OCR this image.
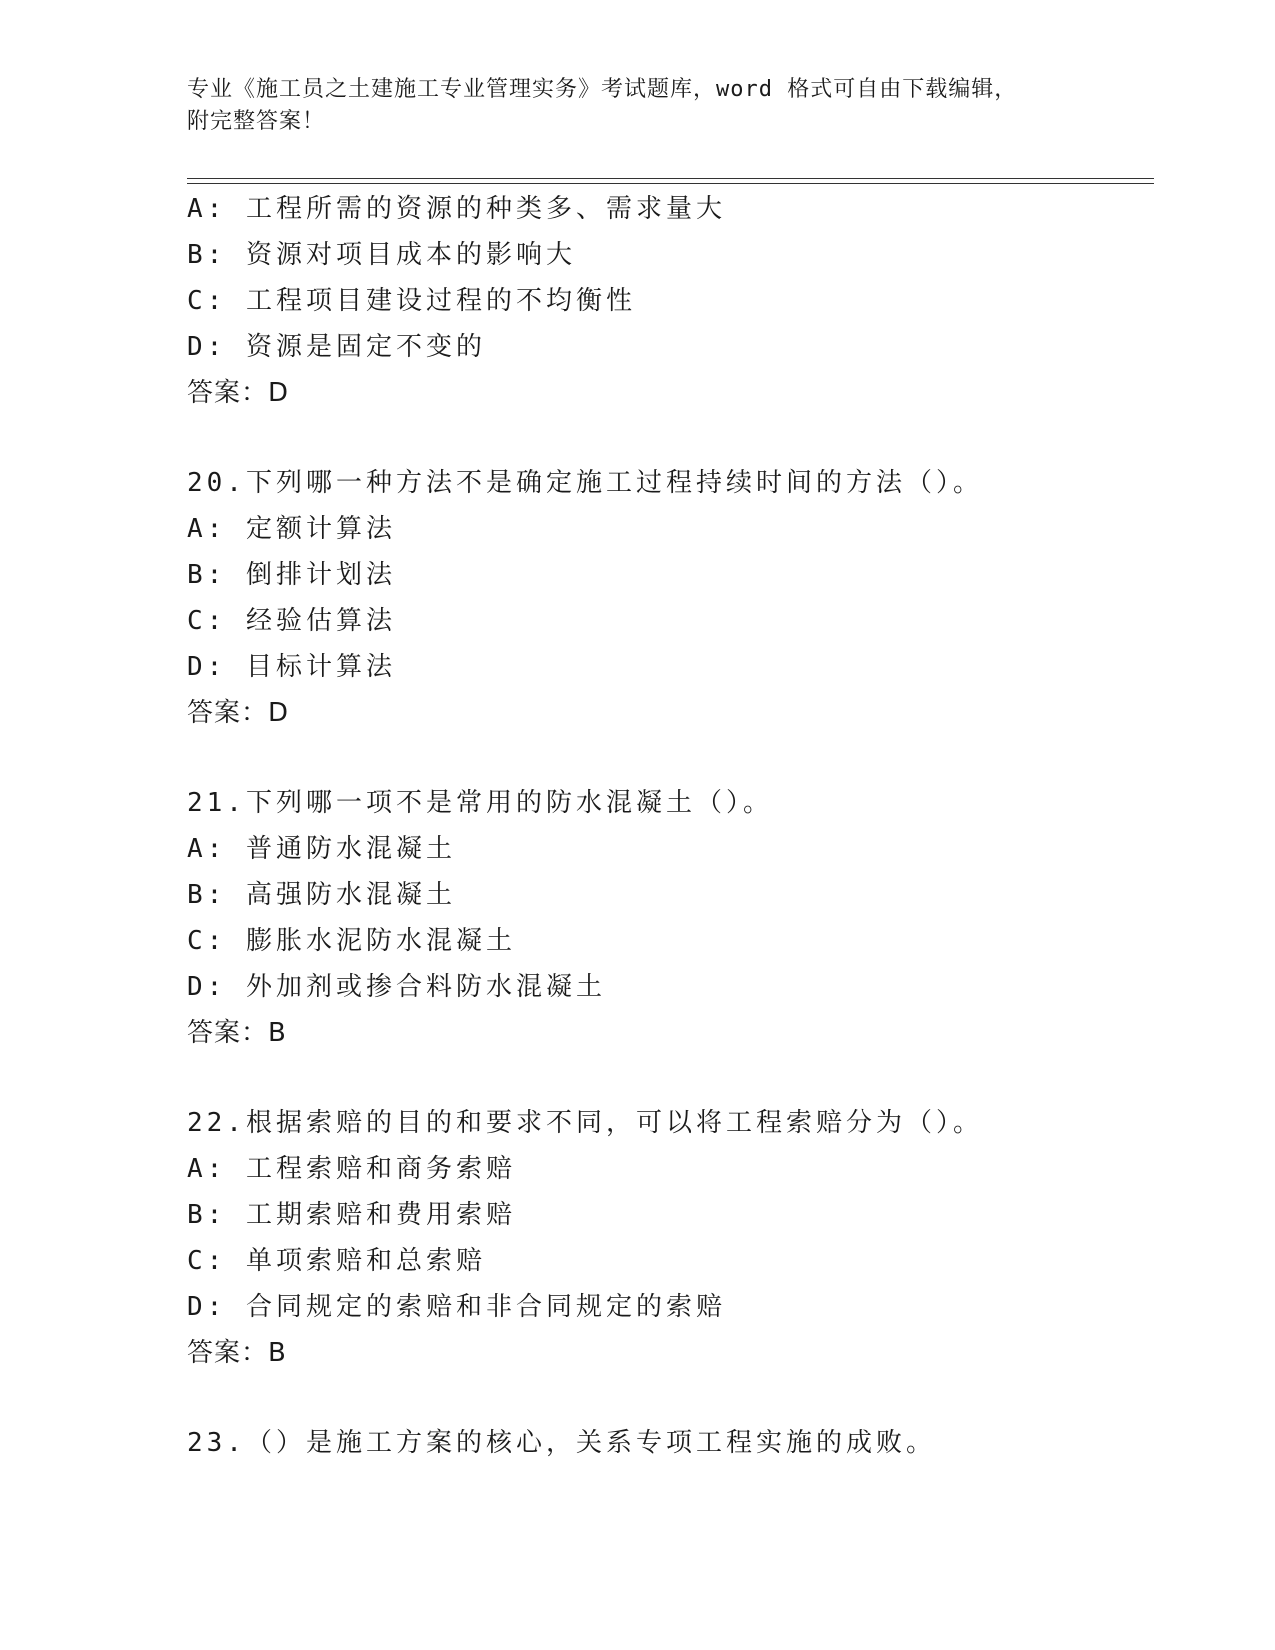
专业《施工员之土建施工专业管理实务》考试题库，word 格式可自由下载编辑，
附完整答案！
A: 工程所需的资源的种类多、需求量大
B: 资源对项目成本的影响大
C: 工程项目建设过程的不均衡性
D: 资源是固定不变的
答案：D
20.下列哪一种方法不是确定施工过程持续时间的方法（）。
A: 定额计算法
B: 倒排计划法
C: 经验估算法
D: 目标计算法
答案：D
21.下列哪一项不是常用的防水混凝土（）。
A: 普通防水混凝土
B: 高强防水混凝土
C: 膨胀水泥防水混凝土
D: 外加剂或掺合料防水混凝土
答案：B
22.根据索赔的目的和要求不同，可以将工程索赔分为（）。
A: 工程索赔和商务索赔
B: 工期索赔和费用索赔
C: 单项索赔和总索赔
D: 合同规定的索赔和非合同规定的索赔
答案：B
23.（）是施工方案的核心，关系专项工程实施的成败。
